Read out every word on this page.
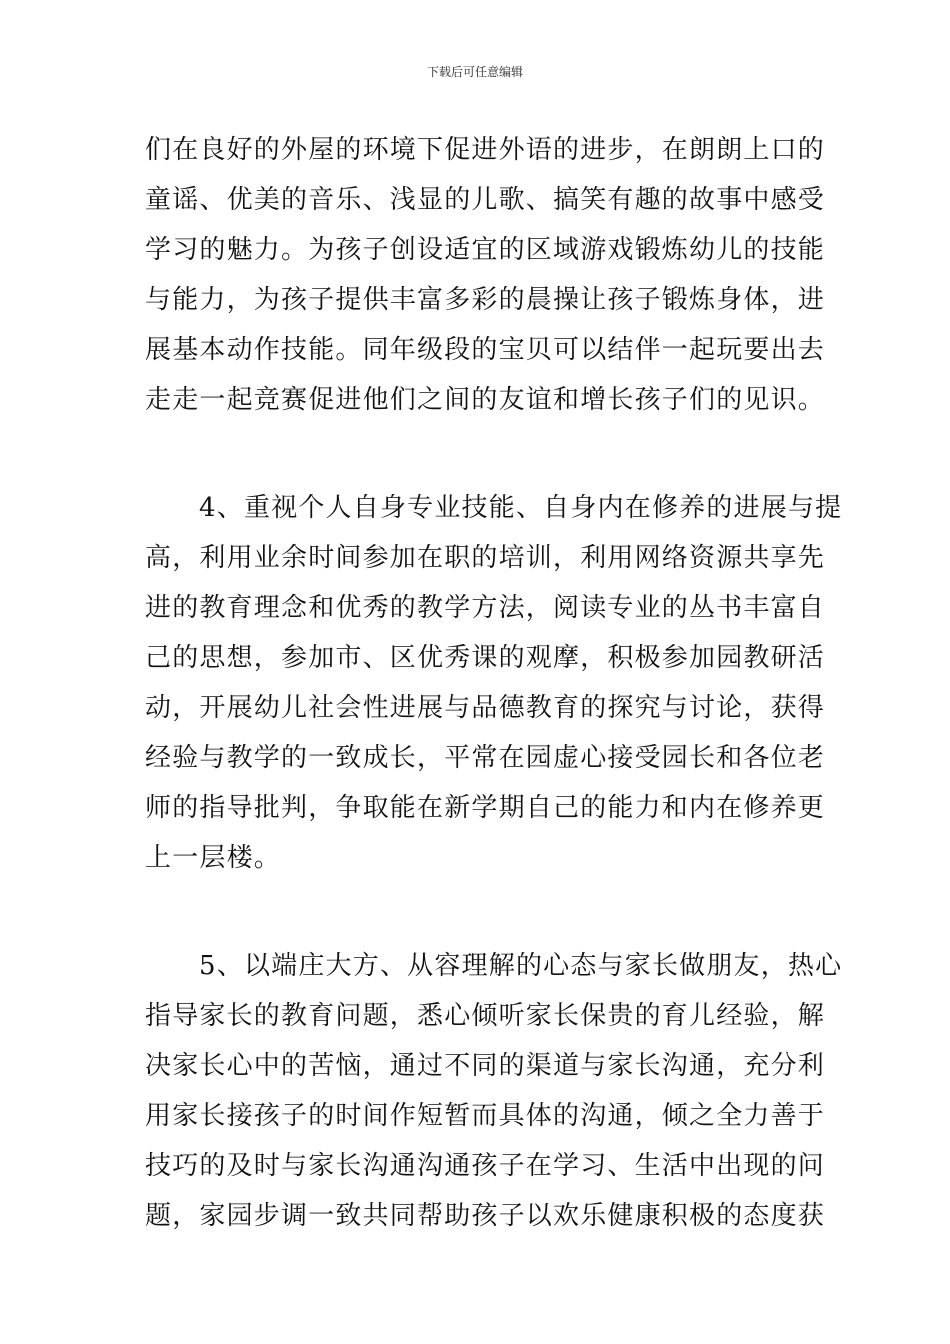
下载后可任意编辑
们在良好的外屋的环境下促进外语的进步，在朗朗上口的
童谣、优美的音乐、浅显的儿歌、搞笑有趣的故事中感受
学习的魅力。为孩子创设适宜的区域游戏锻炼幼儿的技能
与能力，为孩子提供丰富多彩的晨操让孩子锻炼身体，进
展基本动作技能。同年级段的宝贝可以结伴一起玩要出去
走走一起竞赛促进他们之间的友谊和增长孩子们的见识。
4、重视个人自身专业技能、自身内在修养的进展与提
高，利用业余时间参加在职的培训，利用网络资源共享先
进的教育理念和优秀的教学方法，阅读专业的丛书丰富自
己的思想，参加市、区优秀课的观摩，积极参加园教研活
动，开展幼儿社会性进展与品德教育的探究与讨论，获得
经验与教学的一致成长，平常在园虚心接受园长和各位老
师的指导批判，争取能在新学期自己的能力和内在修养更
上一层楼。
5、以端庄大方、从容理解的心态与家长做朋友，热心
指导家长的教育问题，悉心倾听家长保贵的育儿经验，解
决家长心中的苦恼，通过不同的渠道与家长沟通，充分利
用家长接孩子的时间作短暂而具体的沟通，倾之全力善于
技巧的及时与家长沟通沟通孩子在学习、生活中出现的问
题，家园步调一致共同帮助孩子以欢乐健康积极的态度获
